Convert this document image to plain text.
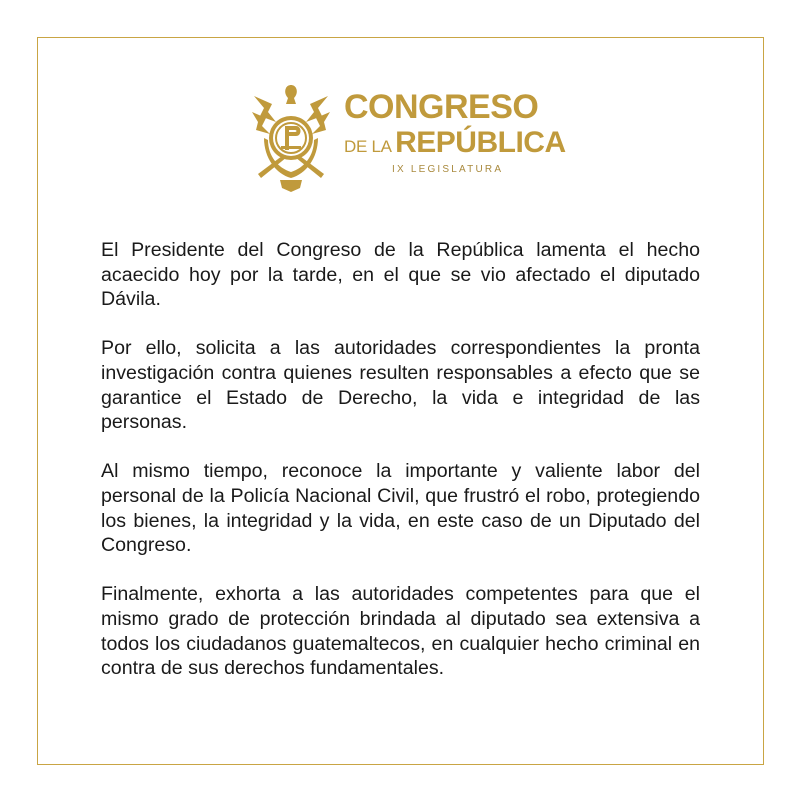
CONGRESO
DE LA REPÚBLICA
IX LEGISLATURA

El Presidente del Congreso de la República lamenta el hecho acaecido hoy por la tarde, en el que se vio afectado el diputado Dávila.

Por ello, solicita a las autoridades correspondientes la pronta investigación contra quienes resulten responsables a efecto que se garantice el Estado de Derecho, la vida e integridad de las personas.

Al mismo tiempo, reconoce la importante y valiente labor del personal de la Policía Nacional Civil, que frustró el robo, protegiendo los bienes, la integridad y la vida, en este caso de un Diputado del Congreso.

Finalmente, exhorta a las autoridades competentes para que el mismo grado de protección brindada al diputado sea extensiva a todos los ciudadanos guatemaltecos, en cualquier hecho criminal en contra de sus derechos fundamentales.
